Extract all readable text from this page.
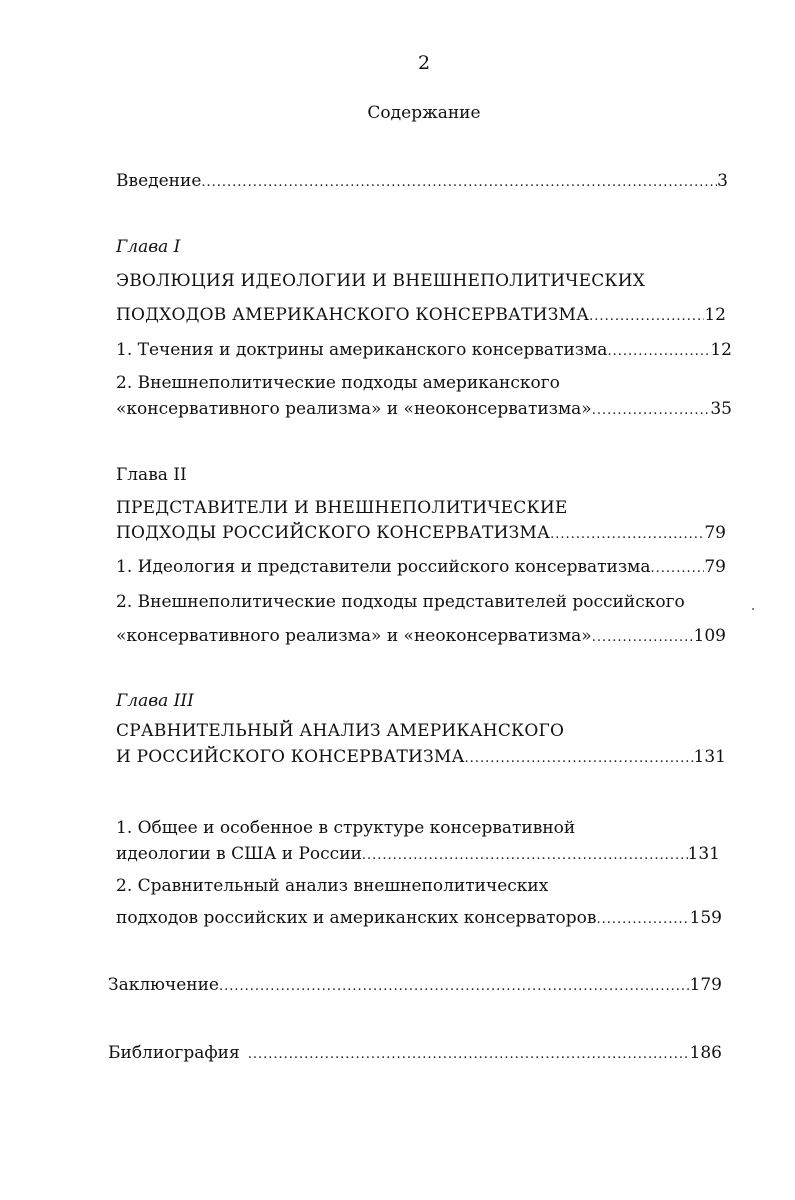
2
Содержание
Введение .....	3
Глава I
ЭВОЛЮЦИЯ ИДЕОЛОГИИ И ВНЕШНЕПОЛИТИЧЕСКИХ
ПОДХОДОВ АМЕРИКАНСКОГО КОНСЕРВАТИЗМА .....	12
1. Течения и доктрины американского консерватизма .....	12
2. Внешнеполитические подходы американского
«консервативного реализма» и «неоконсерватизма» .....	35
Глава II
ПРЕДСТАВИТЕЛИ И ВНЕШНЕПОЛИТИЧЕСКИЕ
ПОДХОДЫ РОССИЙСКОГО КОНСЕРВАТИЗМА .....	79
1. Идеология и представители российского консерватизма .....	79
2. Внешнеполитические подходы представителей российского
«консервативного реализма» и «неоконсерватизма» .....	109
Глава III
СРАВНИТЕЛЬНЫЙ АНАЛИЗ АМЕРИКАНСКОГО
И РОССИЙСКОГО КОНСЕРВАТИЗМА .....	131
1. Общее и особенное в структуре консервативной
идеологии в США и России .....	131
2. Сравнительный анализ внешнеполитических
подходов российских и американских консерваторов .....	159
Заключение .....	179
Библиография .....	186
